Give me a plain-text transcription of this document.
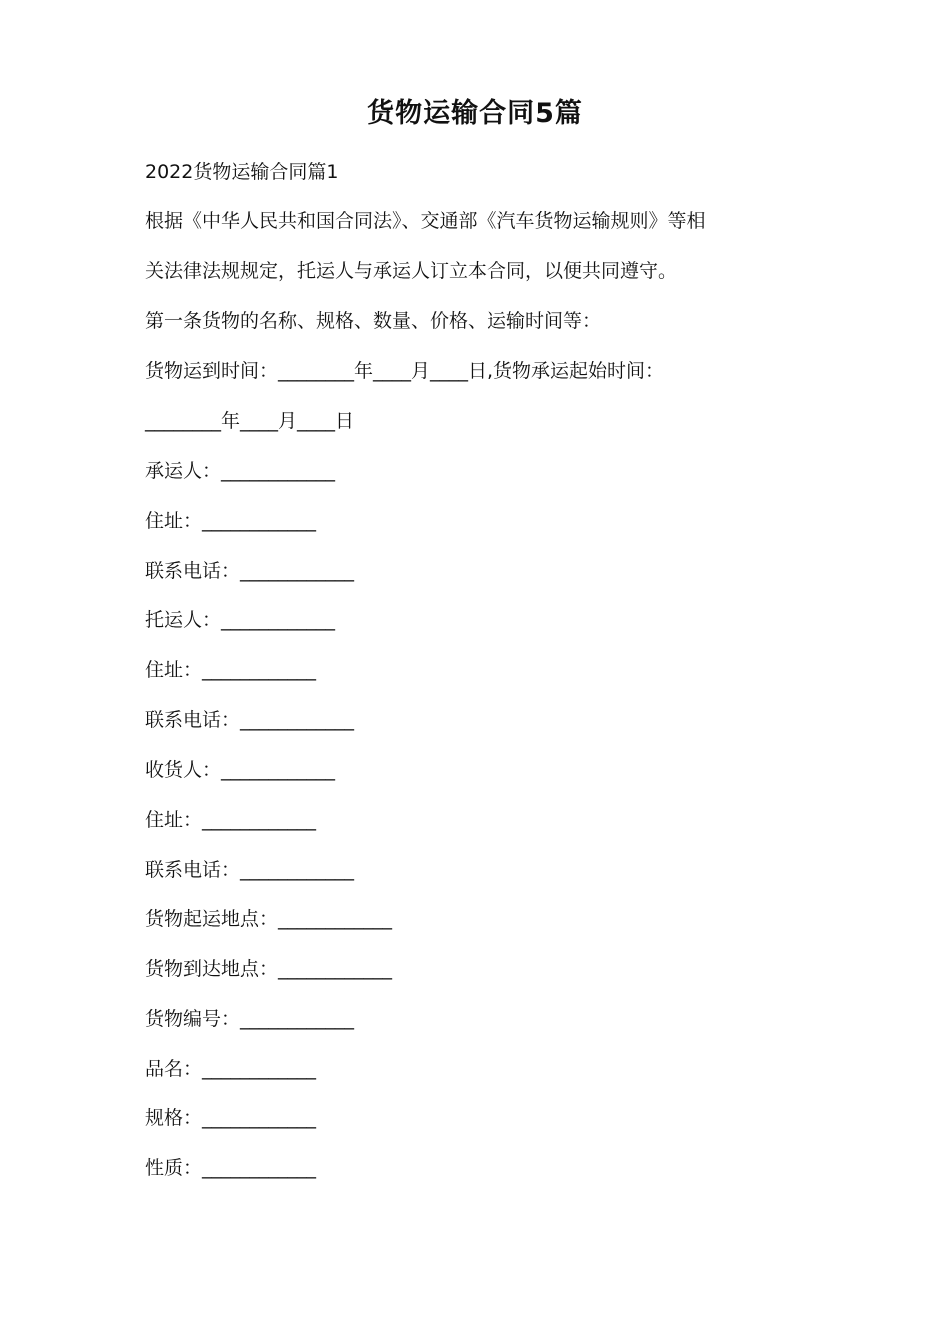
货物运输合同5篇
2022货物运输合同篇1
根据《中华人民共和国合同法》、交通部《汽车货物运输规则》等相
关法律法规规定，托运人与承运人订立本合同，以便共同遵守。
第一条货物的名称、规格、数量、价格、运输时间等：
货物运到时间：________年____月____日,货物承运起始时间：
________年____月____日
承运人：____________
住址：____________
联系电话：____________
托运人：____________
住址：____________
联系电话：____________
收货人：____________
住址：____________
联系电话：____________
货物起运地点：____________
货物到达地点：____________
货物编号：____________
品名：____________
规格：____________
性质：____________
